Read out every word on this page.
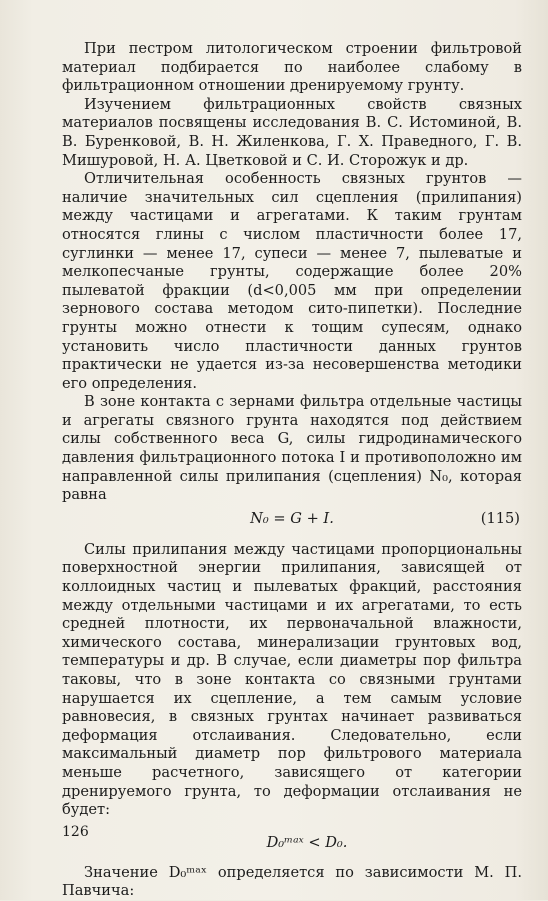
При пестром литологическом строении фильтровой материал подбирается по наиболее слабому в фильтрационном отношении дренируемому грунту.

Изучением фильтрационных свойств связных материалов посвящены исследования В. С. Истоминой, В. В. Буренковой, В. Н. Жиленкова, Г. Х. Праведного, Г. В. Мишуровой, Н. А. Цветковой и С. И. Сторожук и др.

Отличительная особенность связных грунтов — наличие значительных сил сцепления (прилипания) между частицами и агрегатами. К таким грунтам относятся глины с числом пластичности более 17, суглинки — менее 17, супеси — менее 7, пылеватые и мелкопесчаные грунты, содержащие более 20% пылеватой фракции (d<0,005 мм при определении зернового состава методом сито-пипетки). Последние грунты можно отнести к тощим супесям, однако установить число пластичности данных грунтов практически не удается из-за несовершенства методики его определения.

В зоне контакта с зернами фильтра отдельные частицы и агрегаты связного грунта находятся под действием силы собственного веса G, силы гидродинамического давления фильтрационного потока I и противоположно им направленной силы прилипания (сцепления) N₀, которая равна

N₀ = G + I.	(115)

Силы прилипания между частицами пропорциональны поверхностной энергии прилипания, зависящей от коллоидных частиц и пылеватых фракций, расстояния между отдельными частицами и их агрегатами, то есть средней плотности, их первоначальной влажности, химического состава, минерализации грунтовых вод, температуры и др. В случае, если диаметры пор фильтра таковы, что в зоне контакта со связными грунтами нарушается их сцепление, а тем самым условие равновесия, в связных грунтах начинает развиваться деформация отслаивания. Следовательно, если максимальный диаметр пор фильтрового материала меньше расчетного, зависящего от категории дренируемого грунта, то деформации отслаивания не будет:

D₀ᵐᵃˣ < D₀.

Значение D₀ᵐᵃˣ определяется по зависимости М. П. Павчича:

126
